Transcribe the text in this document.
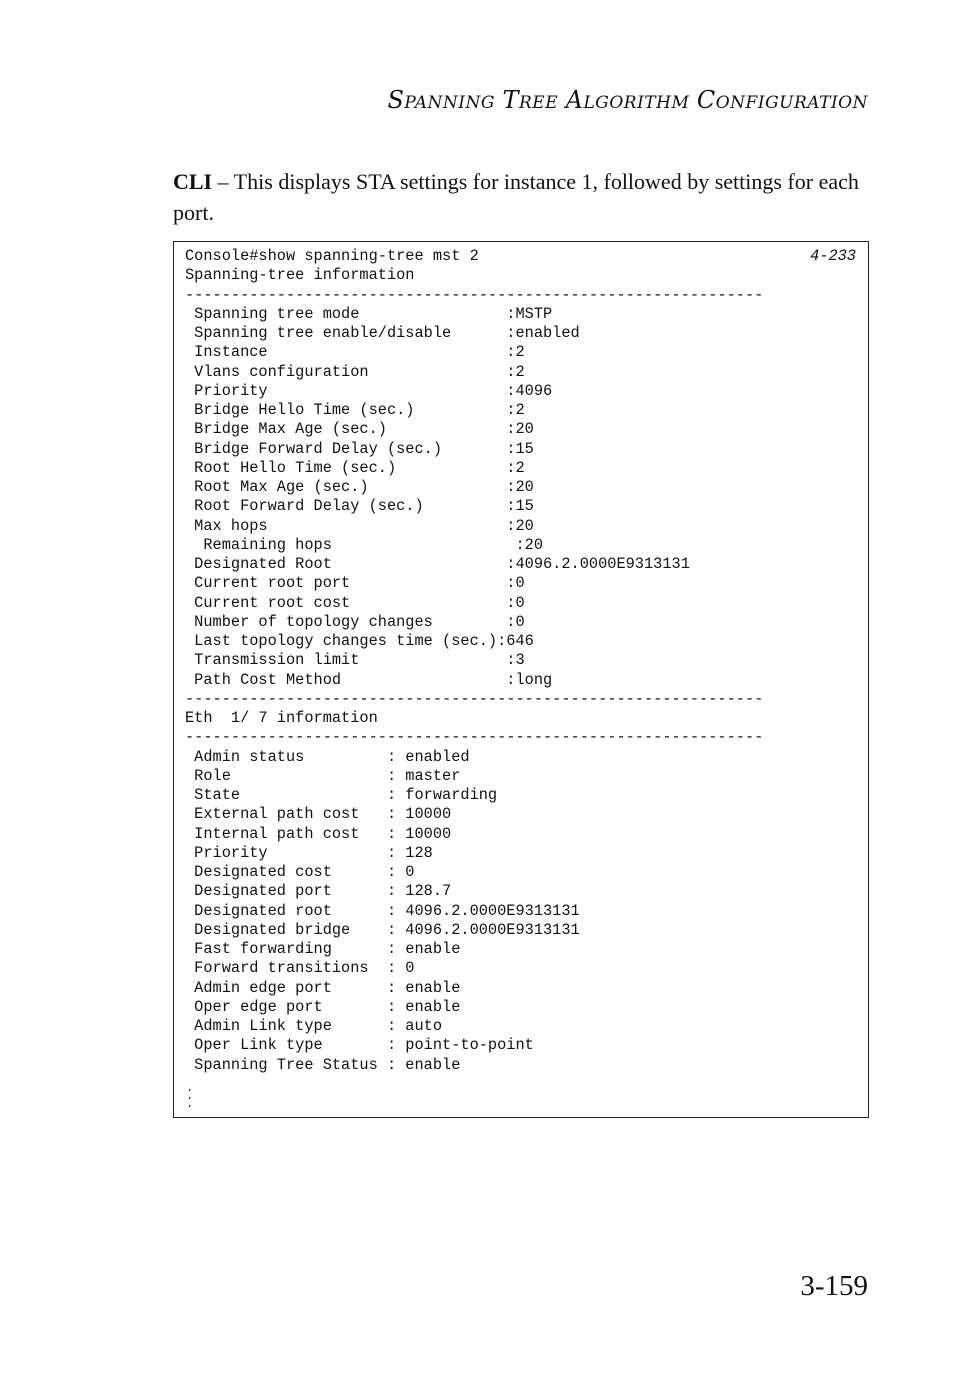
SPANNING TREE ALGORITHM CONFIGURATION
CLI – This displays STA settings for instance 1, followed by settings for each port.
Console#show spanning-tree mst 2
Spanning-tree information
---------------------------------------------------------------
Spanning tree mode                :MSTP
Spanning tree enable/disable      :enabled
Instance                          :2
Vlans configuration               :2
Priority                          :4096
Bridge Hello Time (sec.)          :2
Bridge Max Age (sec.)             :20
Bridge Forward Delay (sec.)       :15
Root Hello Time (sec.)            :2
Root Max Age (sec.)               :20
Root Forward Delay (sec.)         :15
Max hops                          :20
Remaining hops                    :20
Designated Root                   :4096.2.0000E9313131
Current root port                 :0
Current root cost                 :0
Number of topology changes        :0
Last topology changes time (sec.):646
Transmission limit                :3
Path Cost Method                  :long
---------------------------------------------------------------
Eth  1/ 7 information
---------------------------------------------------------------
Admin status         : enabled
Role                 : master
State                : forwarding
External path cost   : 10000
Internal path cost   : 10000
Priority             : 128
Designated cost      : 0
Designated port      : 128.7
Designated root      : 4096.2.0000E9313131
Designated bridge    : 4096.2.0000E9313131
Fast forwarding      : enable
Forward transitions  : 0
Admin edge port      : enable
Oper edge port       : enable
Admin Link type      : auto
Oper Link type       : point-to-point
Spanning Tree Status : enable

4-233
.
.
.
3-159
